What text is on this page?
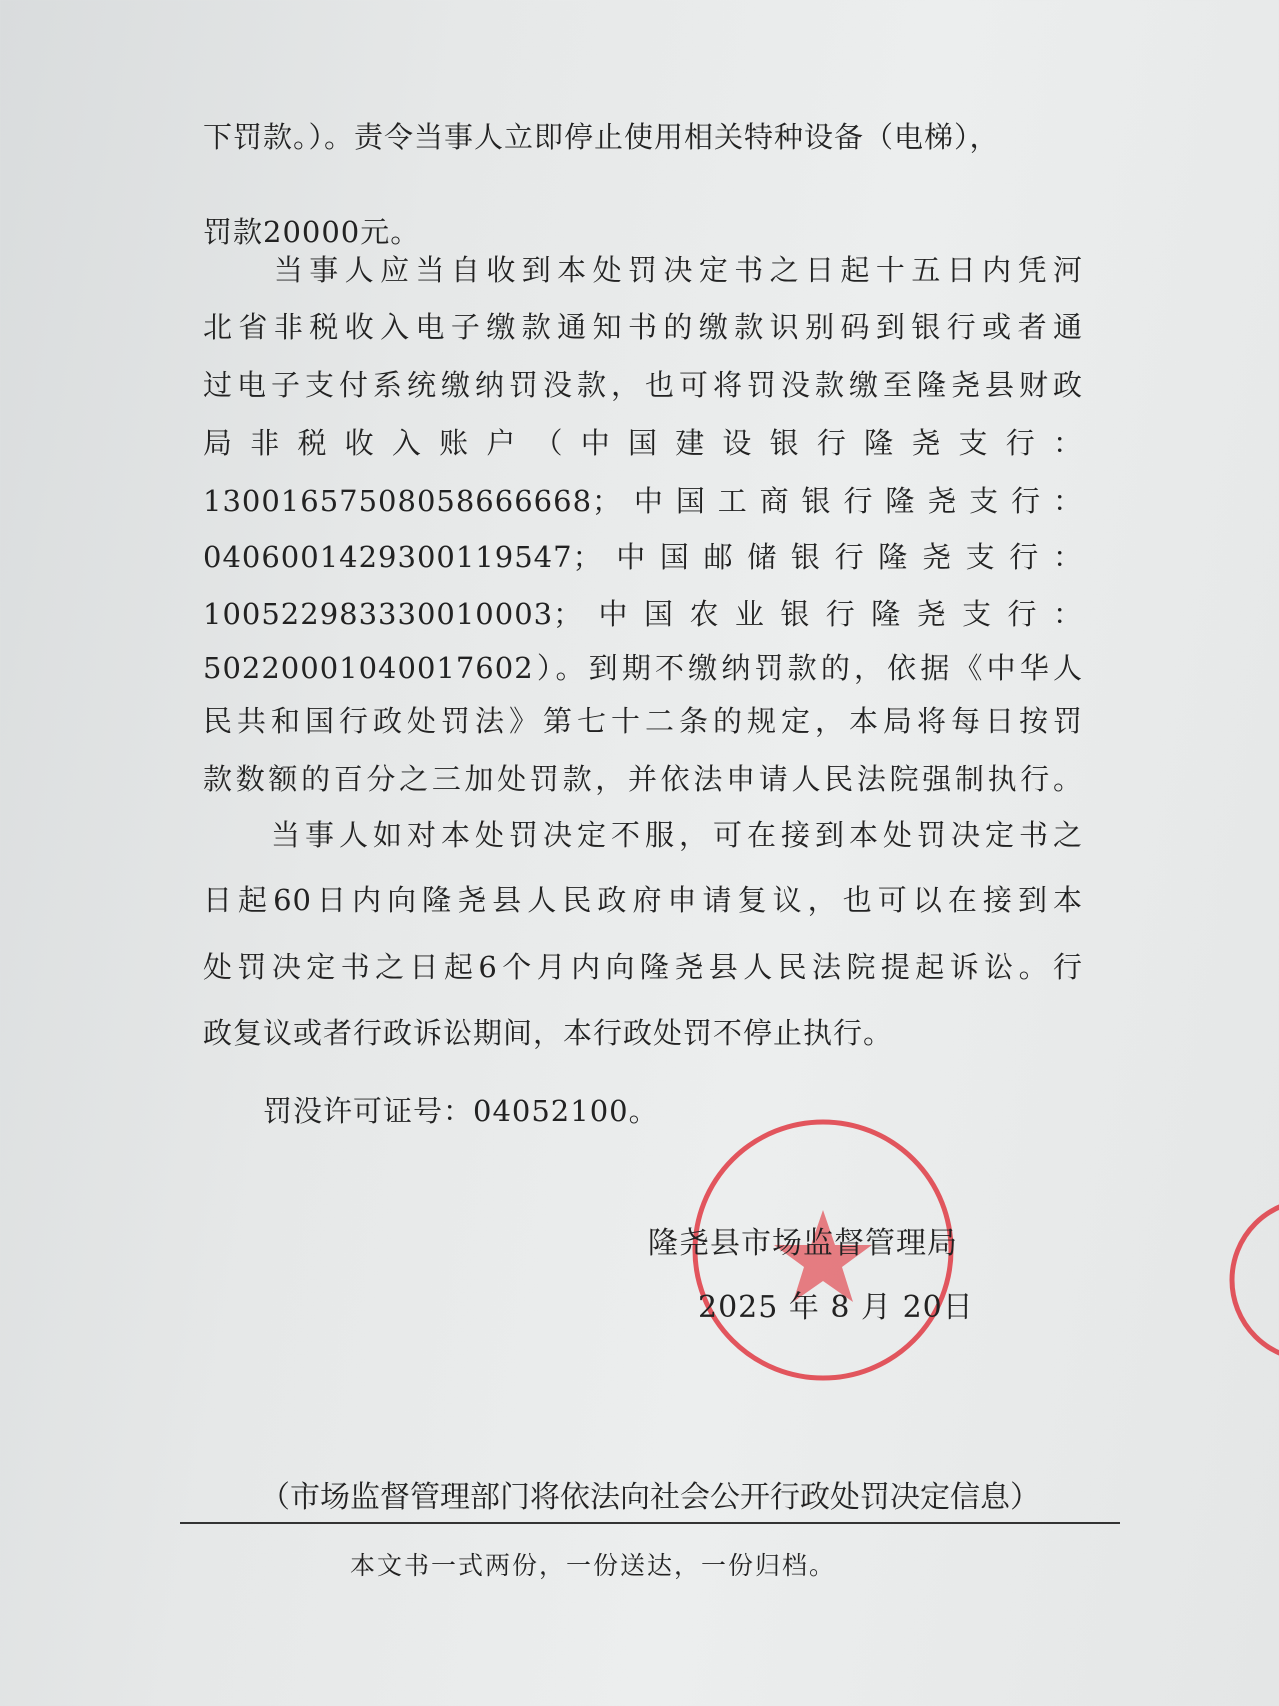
下罚款。）。责令当事人立即停止使用相关特种设备（电梯），
罚款20000元。
　　当事人应当自收到本处罚决定书之日起十五日内凭河
北省非税收入电子缴款通知书的缴款识别码到银行或者通
过电子支付系统缴纳罚没款，也可将罚没款缴至隆尧县财政
局非税收入账户（中国建设银行隆尧支行：
13001657508058666668；中国工商银行隆尧支行：
0406001429300119547；中国邮储银行隆尧支行：
100522983330010003；中国农业银行隆尧支行：
50220001040017602）。到期不缴纳罚款的，依据《中华人
民共和国行政处罚法》第七十二条的规定，本局将每日按罚
款数额的百分之三加处罚款，并依法申请人民法院强制执行。
　　当事人如对本处罚决定不服，可在接到本处罚决定书之
日起60日内向隆尧县人民政府申请复议，也可以在接到本
处罚决定书之日起6个月内向隆尧县人民法院提起诉讼。行
政复议或者行政诉讼期间，本行政处罚不停止执行。
　　罚没许可证号：04052100。
隆尧县市场监督管理局
2025 年 8 月 20日
（市场监督管理部门将依法向社会公开行政处罚决定信息）
本文书一式两份，一份送达，一份归档。
